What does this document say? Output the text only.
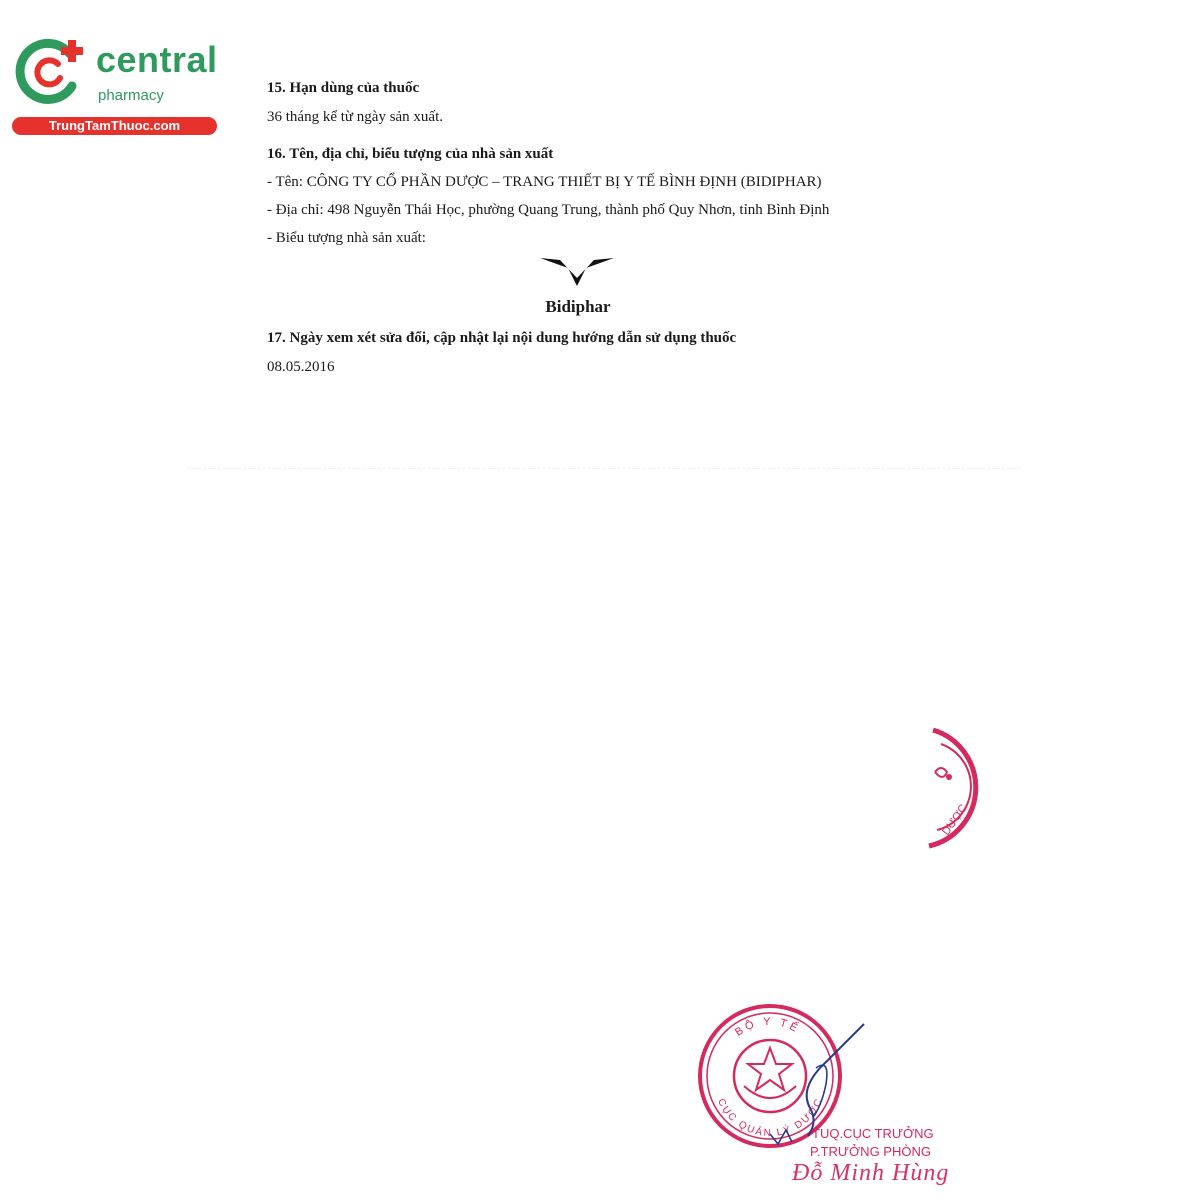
central
pharmacy
TrungTamThuoc.com
15. Hạn dùng của thuốc
36 tháng kể từ ngày sản xuất.
16. Tên, địa chỉ, biểu tượng của nhà sản xuất
- Tên: CÔNG TY CỔ PHẦN DƯỢC – TRANG THIẾT BỊ Y TẾ BÌNH ĐỊNH (BIDIPHAR)
- Địa chỉ: 498 Nguyễn Thái Học, phường Quang Trung, thành phố Quy Nhơn, tỉnh Bình Định
- Biểu tượng nhà sản xuất:
17. Ngày xem xét sửa đổi, cập nhật lại nội dung hướng dẫn sử dụng thuốc
08.05.2016
Bidiphar
DƯỢC
BỘ Y TẾ
CỤC QUẢN LÝ DƯỢC
TUQ.CỤC TRƯỞNG
P.TRƯỞNG PHÒNG
Đỗ Minh Hùng
